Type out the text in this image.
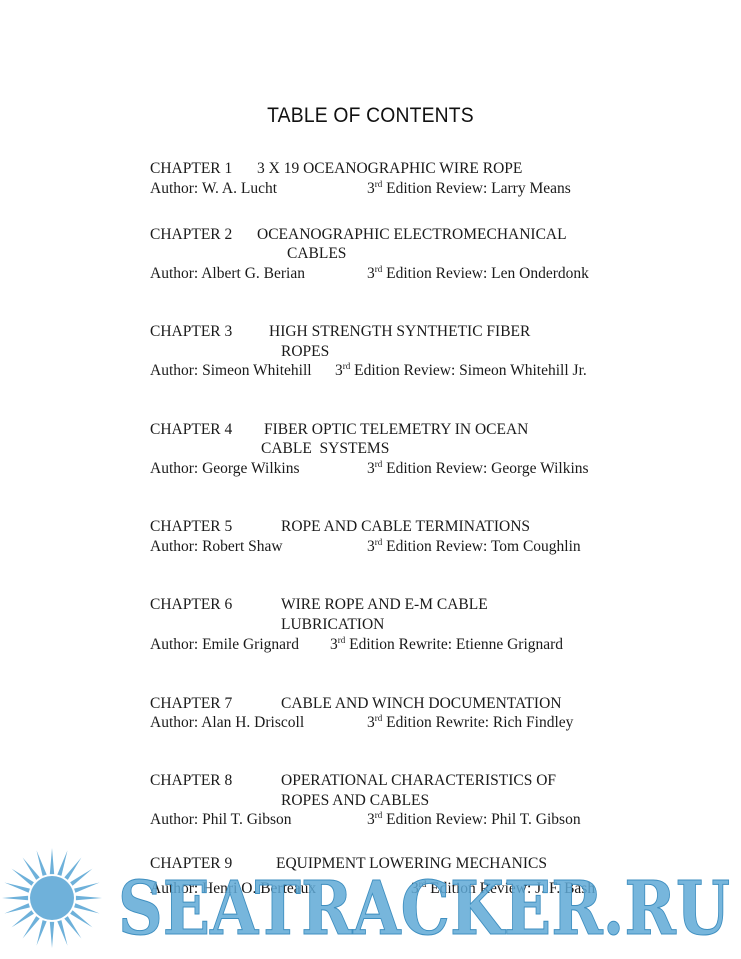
TABLE OF CONTENTS
CHAPTER 1 3 X 19 OCEANOGRAPHIC WIRE ROPE
Author: W. A. Lucht	3rd Edition Review: Larry Means
CHAPTER 2 OCEANOGRAPHIC ELECTROMECHANICAL
CABLES
Author: Albert G. Berian	3rd Edition Review: Len Onderdonk
CHAPTER 3 HIGH STRENGTH SYNTHETIC FIBER
ROPES
Author: Simeon Whitehill 3rd Edition Review: Simeon Whitehill Jr.
CHAPTER 4 FIBER OPTIC TELEMETRY IN OCEAN
CABLE  SYSTEMS
Author: George Wilkins	3rd Edition Review: George Wilkins
CHAPTER 5	ROPE AND CABLE TERMINATIONS
Author: Robert Shaw	3rd Edition Review: Tom Coughlin
CHAPTER 6	WIRE ROPE AND E-M CABLE
LUBRICATION
Author: Emile Grignard 3rd Edition Rewrite: Etienne Grignard
CHAPTER 7	CABLE AND WINCH DOCUMENTATION
Author: Alan H. Driscoll	3rd Edition Rewrite: Rich Findley
CHAPTER 8	OPERATIONAL CHARACTERISTICS OF
ROPES AND CABLES
Author: Phil T. Gibson	3rd Edition Review: Phil T. Gibson
CHAPTER 9	EQUIPMENT LOWERING MECHANICS
Author: Henri O. Berteaux	3rd Edition Review: J. F. Bash
SEATRACKER.RU
